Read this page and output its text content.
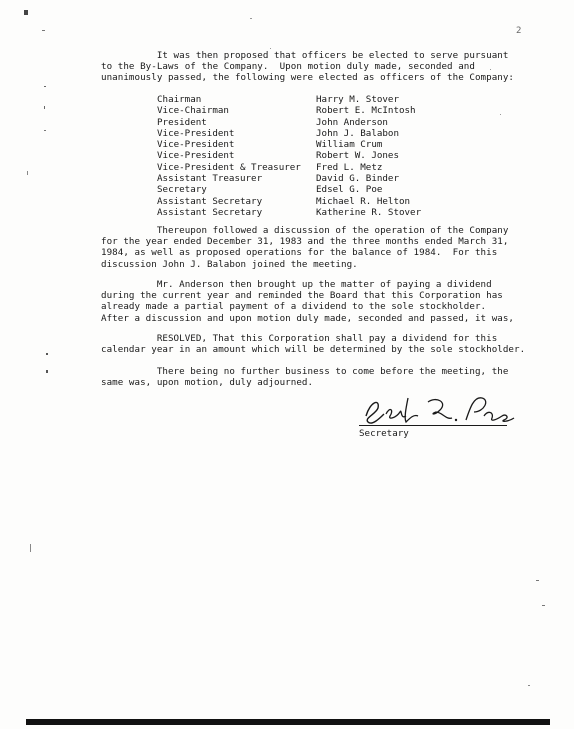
2
It was then proposed that officers be elected to serve pursuant
to the By-Laws of the Company.  Upon motion duly made, seconded and
unanimously passed, the following were elected as officers of the Company:
Chairman	Harry M. Stover
Vice-Chairman	Robert E. McIntosh
President	John Anderson
Vice-President	John J. Balabon
Vice-President	William Crum
Vice-President	Robert W. Jones
Vice-President & Treasurer	Fred L. Metz
Assistant Treasurer	David G. Binder
Secretary	Edsel G. Poe
Assistant Secretary	Michael R. Helton
Assistant Secretary	Katherine R. Stover
Thereupon followed a discussion of the operation of the Company
for the year ended December 31, 1983 and the three months ended March 31,
1984, as well as proposed operations for the balance of 1984.  For this
discussion John J. Balabon joined the meeting.
Mr. Anderson then brought up the matter of paying a dividend
during the current year and reminded the Board that this Corporation has
already made a partial payment of a dividend to the sole stockholder.
After a discussion and upon motion duly made, seconded and passed, it was,
RESOLVED, That this Corporation shall pay a dividend for this
calendar year in an amount which will be determined by the sole stockholder.
There being no further business to come before the meeting, the
same was, upon motion, duly adjourned.
Secretary
